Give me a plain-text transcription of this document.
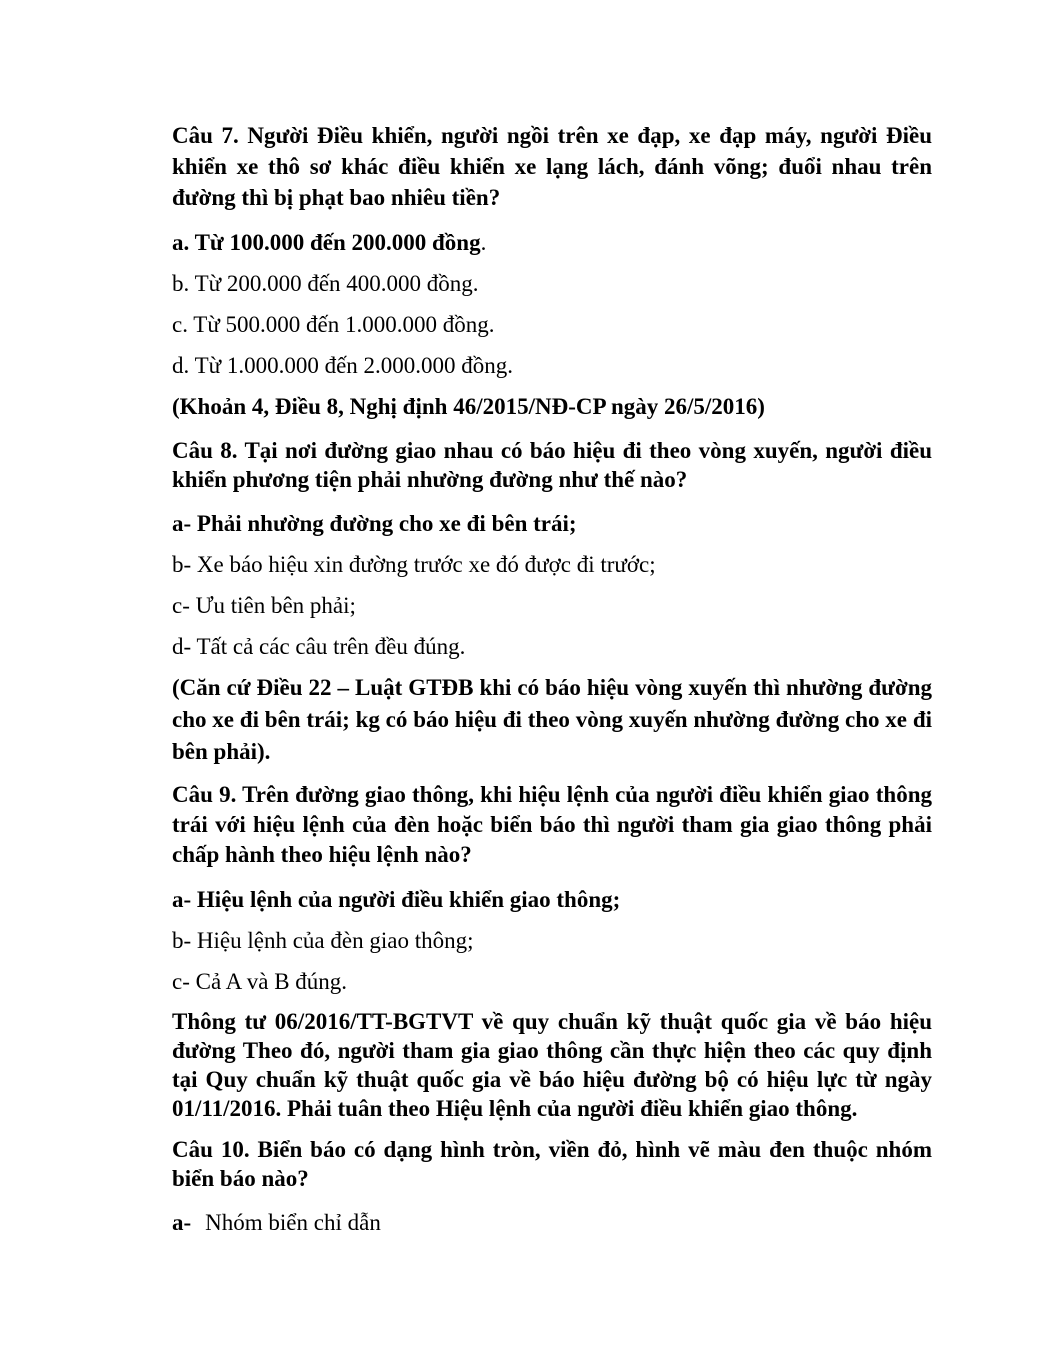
Câu 7. Người Điều khiển, người ngồi trên xe đạp, xe đạp máy, người Điều khiển xe thô sơ khác điều khiển xe lạng lách, đánh võng; đuổi nhau trên đường thì bị phạt bao nhiêu tiền?

a. Từ 100.000 đến 200.000 đồng.

b. Từ 200.000 đến 400.000 đồng.

c. Từ 500.000 đến 1.000.000 đồng.

d. Từ 1.000.000 đến 2.000.000 đồng.

(Khoản 4, Điều 8, Nghị định 46/2015/NĐ-CP ngày 26/5/2016)

Câu 8. Tại nơi đường giao nhau có báo hiệu đi theo vòng xuyến, người điều khiển phương tiện phải nhường đường như thế nào?

a- Phải nhường đường cho xe đi bên trái;

b- Xe báo hiệu xin đường trước xe đó được đi trước;

c- Ưu tiên bên phải;

d- Tất cả các câu trên đều đúng.

(Căn cứ Điều 22 – Luật GTĐB khi có báo hiệu vòng xuyến thì nhường đường cho xe đi bên trái; kg có báo hiệu đi theo vòng xuyến nhường đường cho xe đi bên phải).

Câu 9. Trên đường giao thông, khi hiệu lệnh của người điều khiển giao thông trái với hiệu lệnh của đèn hoặc biển báo thì người tham gia giao thông phải chấp hành theo hiệu lệnh nào?

a- Hiệu lệnh của người điều khiển giao thông;

b- Hiệu lệnh của đèn giao thông;

c- Cả A và B đúng.

Thông tư 06/2016/TT-BGTVT về quy chuẩn kỹ thuật quốc gia về báo hiệu đường Theo đó, người tham gia giao thông cần thực hiện theo các quy định tại Quy chuẩn kỹ thuật quốc gia về báo hiệu đường bộ có hiệu lực từ ngày 01/11/2016. Phải tuân theo Hiệu lệnh của người điều khiển giao thông.

Câu 10. Biển báo có dạng hình tròn, viền đỏ, hình vẽ màu đen thuộc nhóm biển báo nào?

a- Nhóm biển chỉ dẫn
